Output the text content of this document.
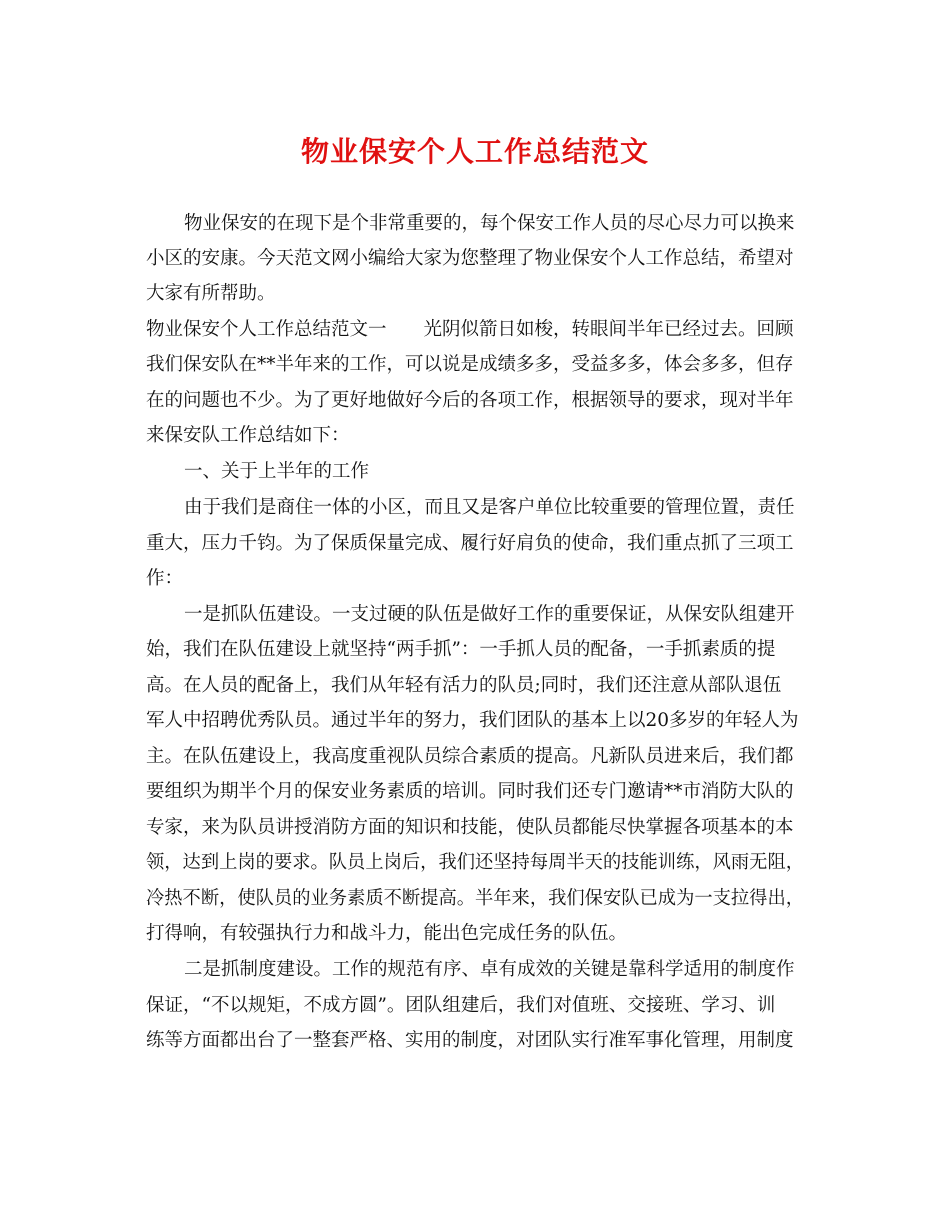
物业保安个人工作总结范文
物业保安的在现下是个非常重要的，每个保安工作人员的尽心尽力可以换来
小区的安康。今天范文网小编给大家为您整理了物业保安个人工作总结，希望对
大家有所帮助。
物业保安个人工作总结范文一　　光阴似箭日如梭，转眼间半年已经过去。回顾
我们保安队在**半年来的工作，可以说是成绩多多，受益多多，体会多多，但存
在的问题也不少。为了更好地做好今后的各项工作，根据领导的要求，现对半年
来保安队工作总结如下：
一、关于上半年的工作
由于我们是商住一体的小区，而且又是客户单位比较重要的管理位置，责任
重大，压力千钧。为了保质保量完成、履行好肩负的使命，我们重点抓了三项工
作：
一是抓队伍建设。一支过硬的队伍是做好工作的重要保证，从保安队组建开
始，我们在队伍建设上就坚持“两手抓”：一手抓人员的配备，一手抓素质的提
高。在人员的配备上，我们从年轻有活力的队员;同时，我们还注意从部队退伍
军人中招聘优秀队员。通过半年的努力，我们团队的基本上以20多岁的年轻人为
主。在队伍建设上，我高度重视队员综合素质的提高。凡新队员进来后，我们都
要组织为期半个月的保安业务素质的培训。同时我们还专门邀请**市消防大队的
专家，来为队员讲授消防方面的知识和技能，使队员都能尽快掌握各项基本的本
领，达到上岗的要求。队员上岗后，我们还坚持每周半天的技能训练，风雨无阻，
冷热不断，使队员的业务素质不断提高。半年来，我们保安队已成为一支拉得出，
打得响，有较强执行力和战斗力，能出色完成任务的队伍。
二是抓制度建设。工作的规范有序、卓有成效的关键是靠科学适用的制度作
保证，“不以规矩，不成方圆”。团队组建后，我们对值班、交接班、学习、训
练等方面都出台了一整套严格、实用的制度，对团队实行准军事化管理，用制度
